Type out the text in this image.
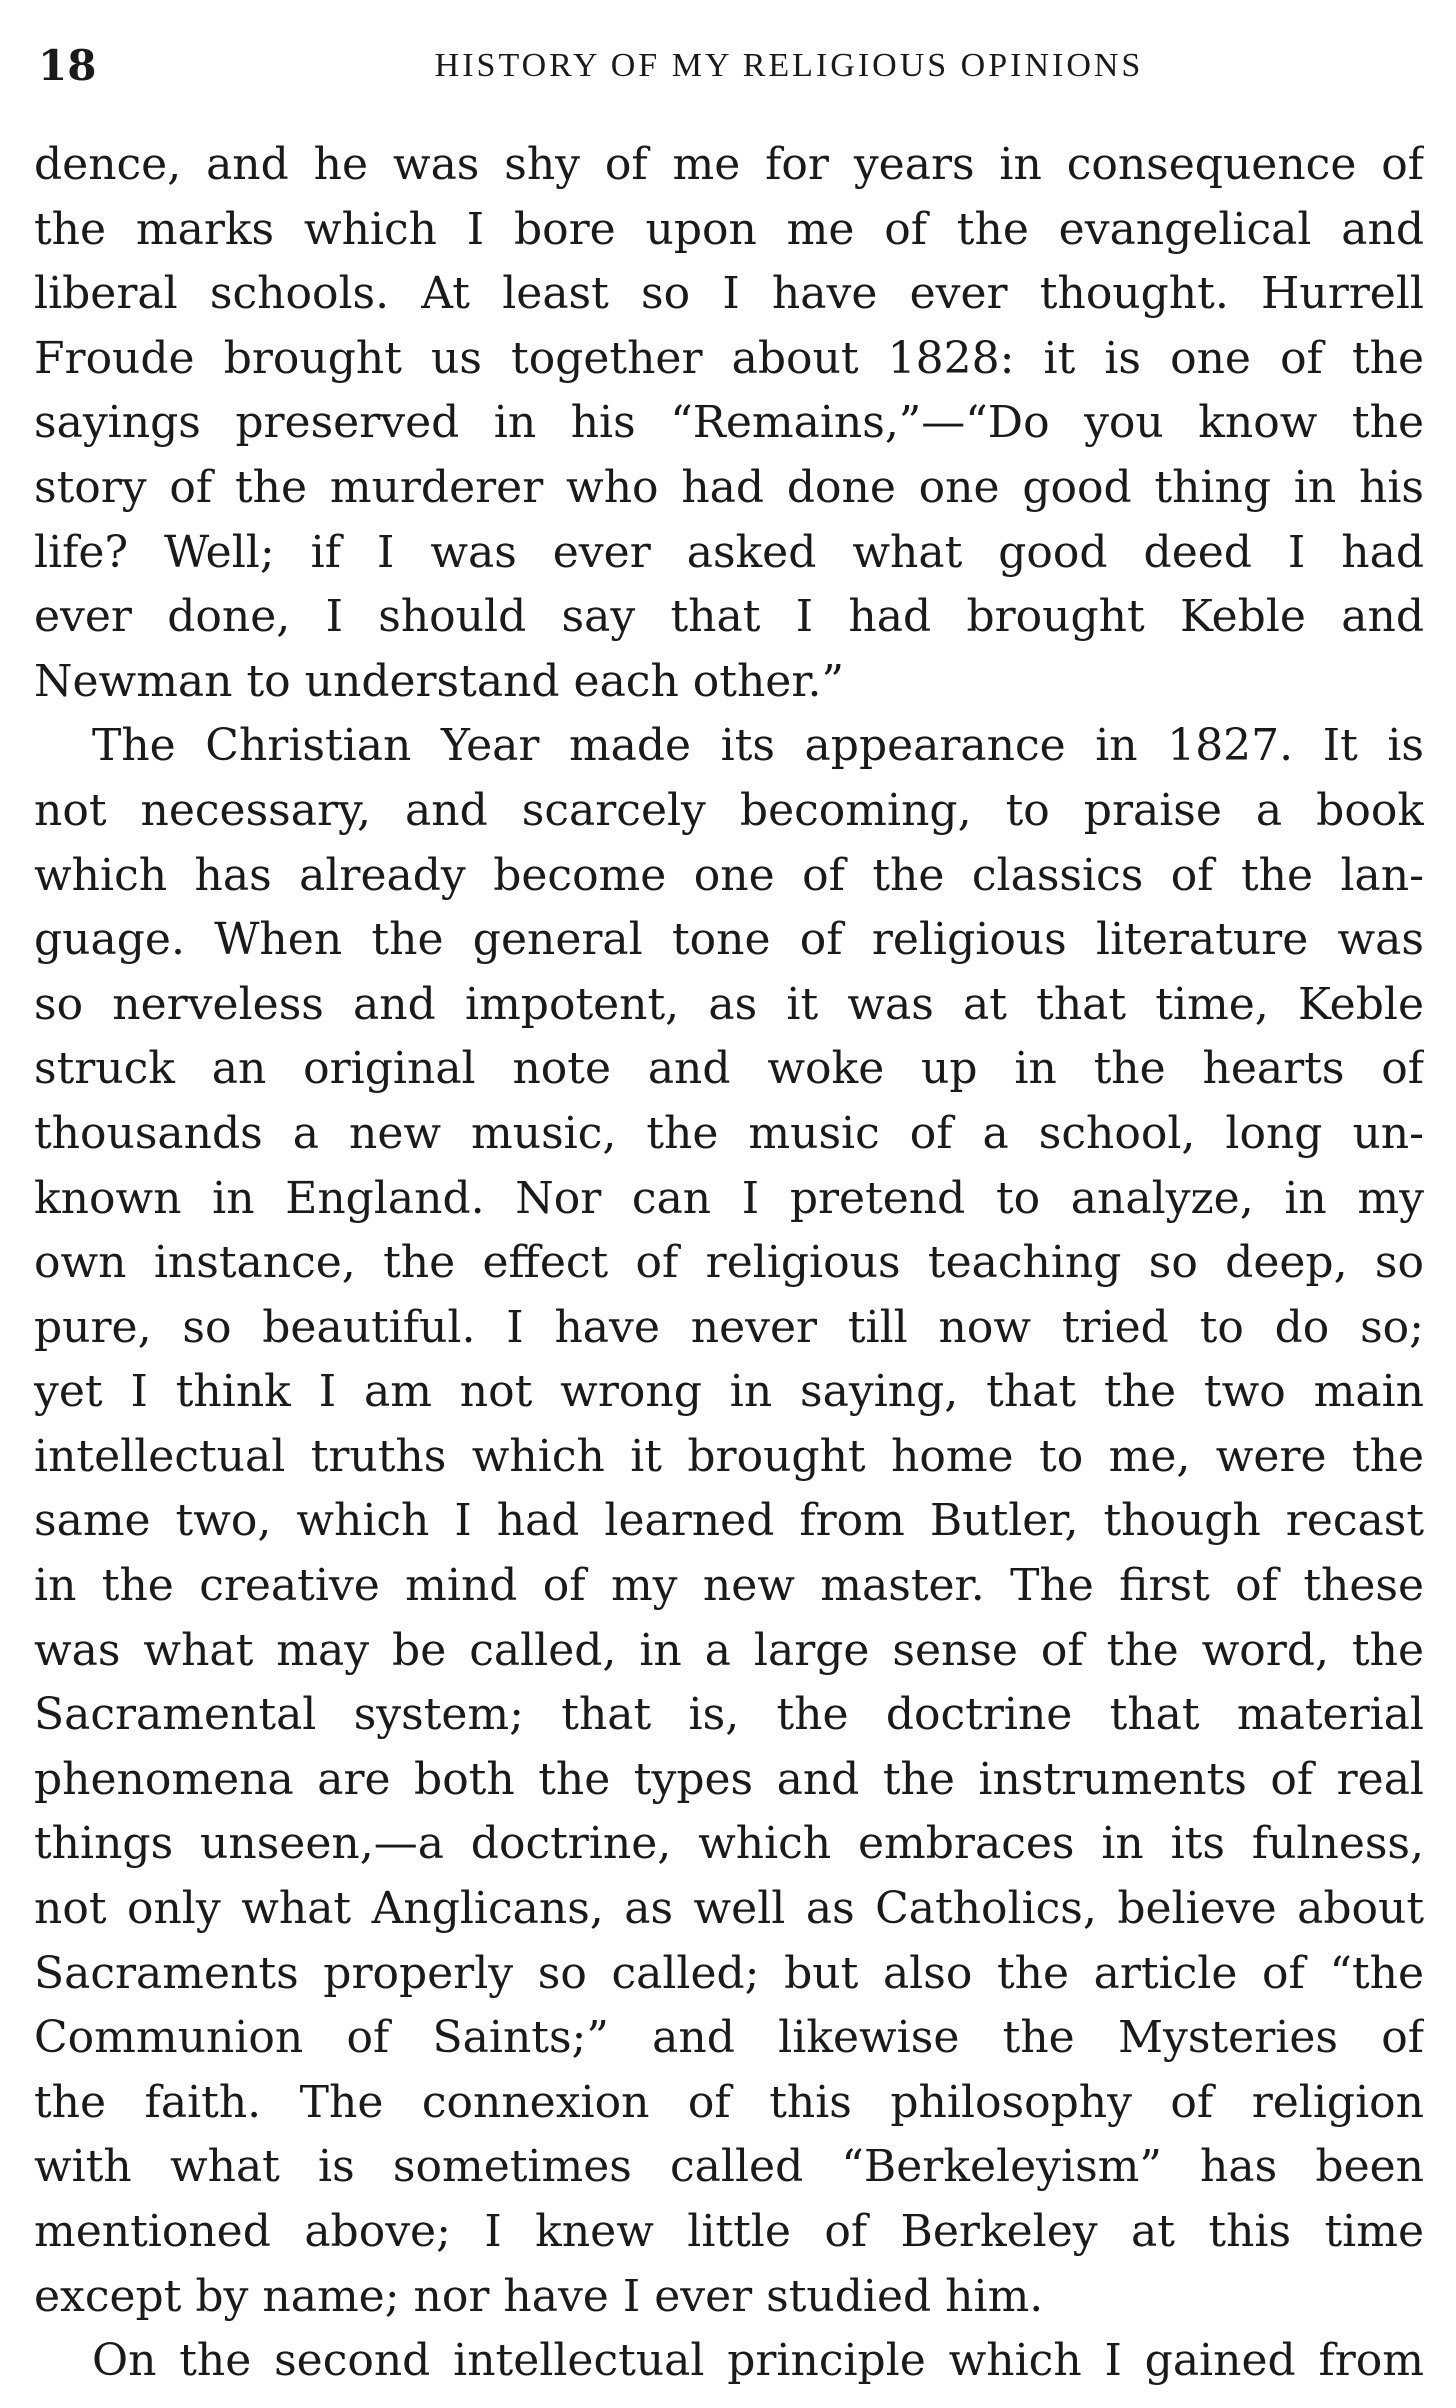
18	HISTORY OF MY RELIGIOUS OPINIONS
dence, and he was shy of me for years in consequence of
the marks which I bore upon me of the evangelical and
liberal schools. At least so I have ever thought. Hurrell
Froude brought us together about 1828: it is one of the
sayings preserved in his “Remains,”—“Do you know the
story of the murderer who had done one good thing in his
life? Well; if I was ever asked what good deed I had
ever done, I should say that I had brought Keble and
Newman to understand each other.”
The Christian Year made its appearance in 1827. It is
not necessary, and scarcely becoming, to praise a book
which has already become one of the classics of the lan-
guage. When the general tone of religious literature was
so nerveless and impotent, as it was at that time, Keble
struck an original note and woke up in the hearts of
thousands a new music, the music of a school, long un-
known in England. Nor can I pretend to analyze, in my
own instance, the effect of religious teaching so deep, so
pure, so beautiful. I have never till now tried to do so;
yet I think I am not wrong in saying, that the two main
intellectual truths which it brought home to me, were the
same two, which I had learned from Butler, though recast
in the creative mind of my new master. The first of these
was what may be called, in a large sense of the word, the
Sacramental system; that is, the doctrine that material
phenomena are both the types and the instruments of real
things unseen,—a doctrine, which embraces in its fulness,
not only what Anglicans, as well as Catholics, believe about
Sacraments properly so called; but also the article of “the
Communion of Saints;” and likewise the Mysteries of
the faith. The connexion of this philosophy of religion
with what is sometimes called “Berkeleyism” has been
mentioned above; I knew little of Berkeley at this time
except by name; nor have I ever studied him.
On the second intellectual principle which I gained from
